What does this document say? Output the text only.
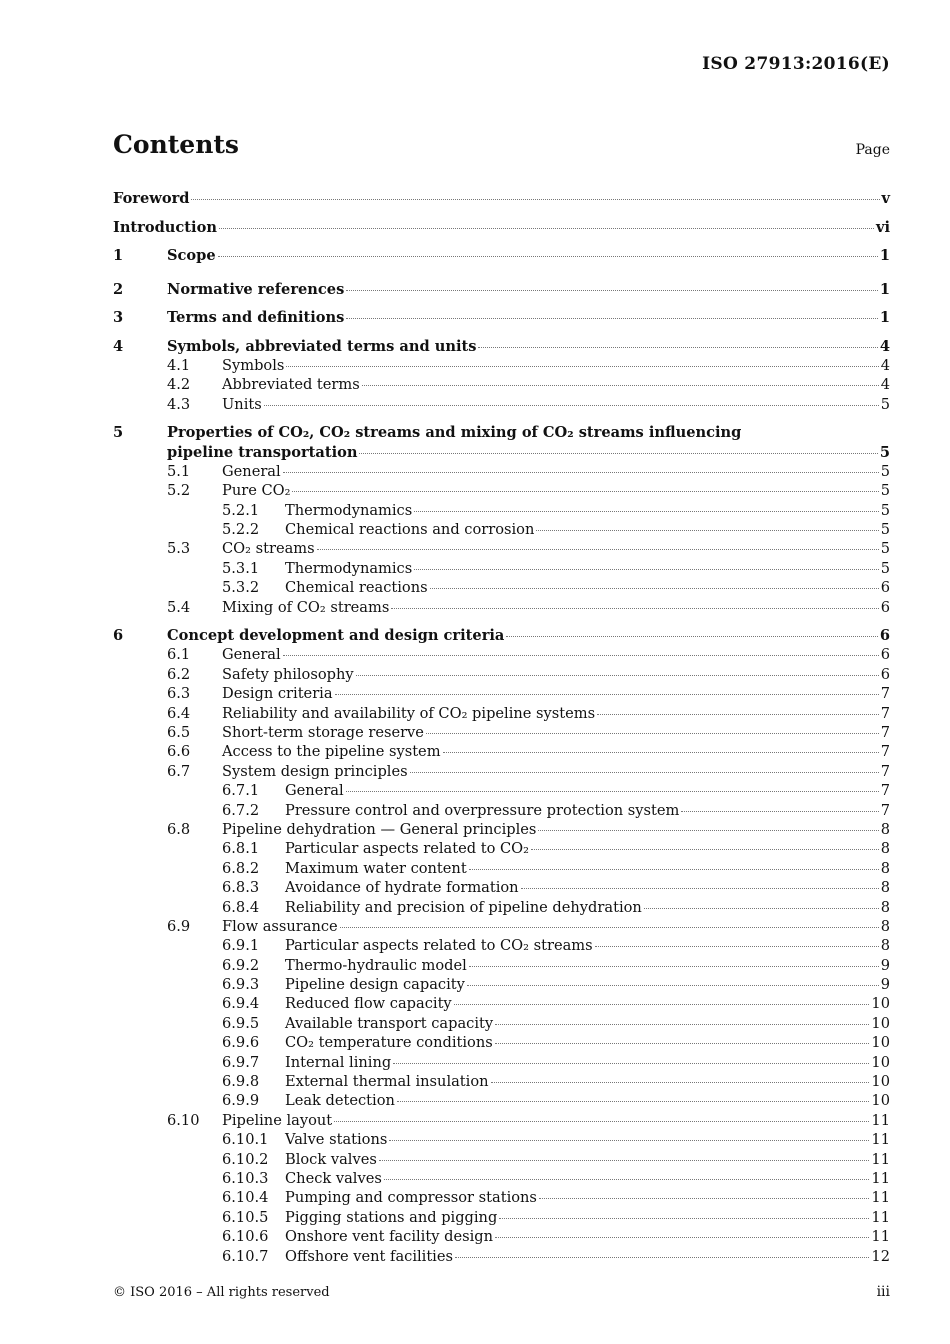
ISO 27913:2016(E)
Contents	Page
Foreword	v
Introduction	vi
1	Scope	1
2	Normative references	1
3	Terms and definitions	1
4	Symbols, abbreviated terms and units	4
4.1 Symbols	4
4.2 Abbreviated terms	4
4.3 Units	5
5	Properties of CO₂, CO₂ streams and mixing of CO₂ streams influencing
pipeline transportation	5
5.1 General	5
5.2 Pure CO₂	5
5.2.1 Thermodynamics	5
5.2.2 Chemical reactions and corrosion	5
5.3 CO₂ streams	5
5.3.1 Thermodynamics	5
5.3.2 Chemical reactions	6
5.4 Mixing of CO₂ streams	6
6	Concept development and design criteria	6
6.1 General	6
6.2 Safety philosophy	6
6.3 Design criteria	7
6.4 Reliability and availability of CO₂ pipeline systems	7
6.5 Short-term storage reserve	7
6.6 Access to the pipeline system	7
6.7 System design principles	7
6.7.1 General	7
6.7.2 Pressure control and overpressure protection system	7
6.8 Pipeline dehydration — General principles	8
6.8.1 Particular aspects related to CO₂	8
6.8.2 Maximum water content	8
6.8.3 Avoidance of hydrate formation	8
6.8.4 Reliability and precision of pipeline dehydration	8
6.9 Flow assurance	8
6.9.1 Particular aspects related to CO₂ streams	8
6.9.2 Thermo-hydraulic model	9
6.9.3 Pipeline design capacity	9
6.9.4 Reduced flow capacity	10
6.9.5 Available transport capacity	10
6.9.6 CO₂ temperature conditions	10
6.9.7 Internal lining	10
6.9.8 External thermal insulation	10
6.9.9 Leak detection	10
6.10 Pipeline layout	11
6.10.1 Valve stations	11
6.10.2 Block valves	11
6.10.3 Check valves	11
6.10.4 Pumping and compressor stations	11
6.10.5 Pigging stations and pigging	11
6.10.6 Onshore vent facility design	11
6.10.7 Offshore vent facilities	12
© ISO 2016 – All rights reserved	iii
